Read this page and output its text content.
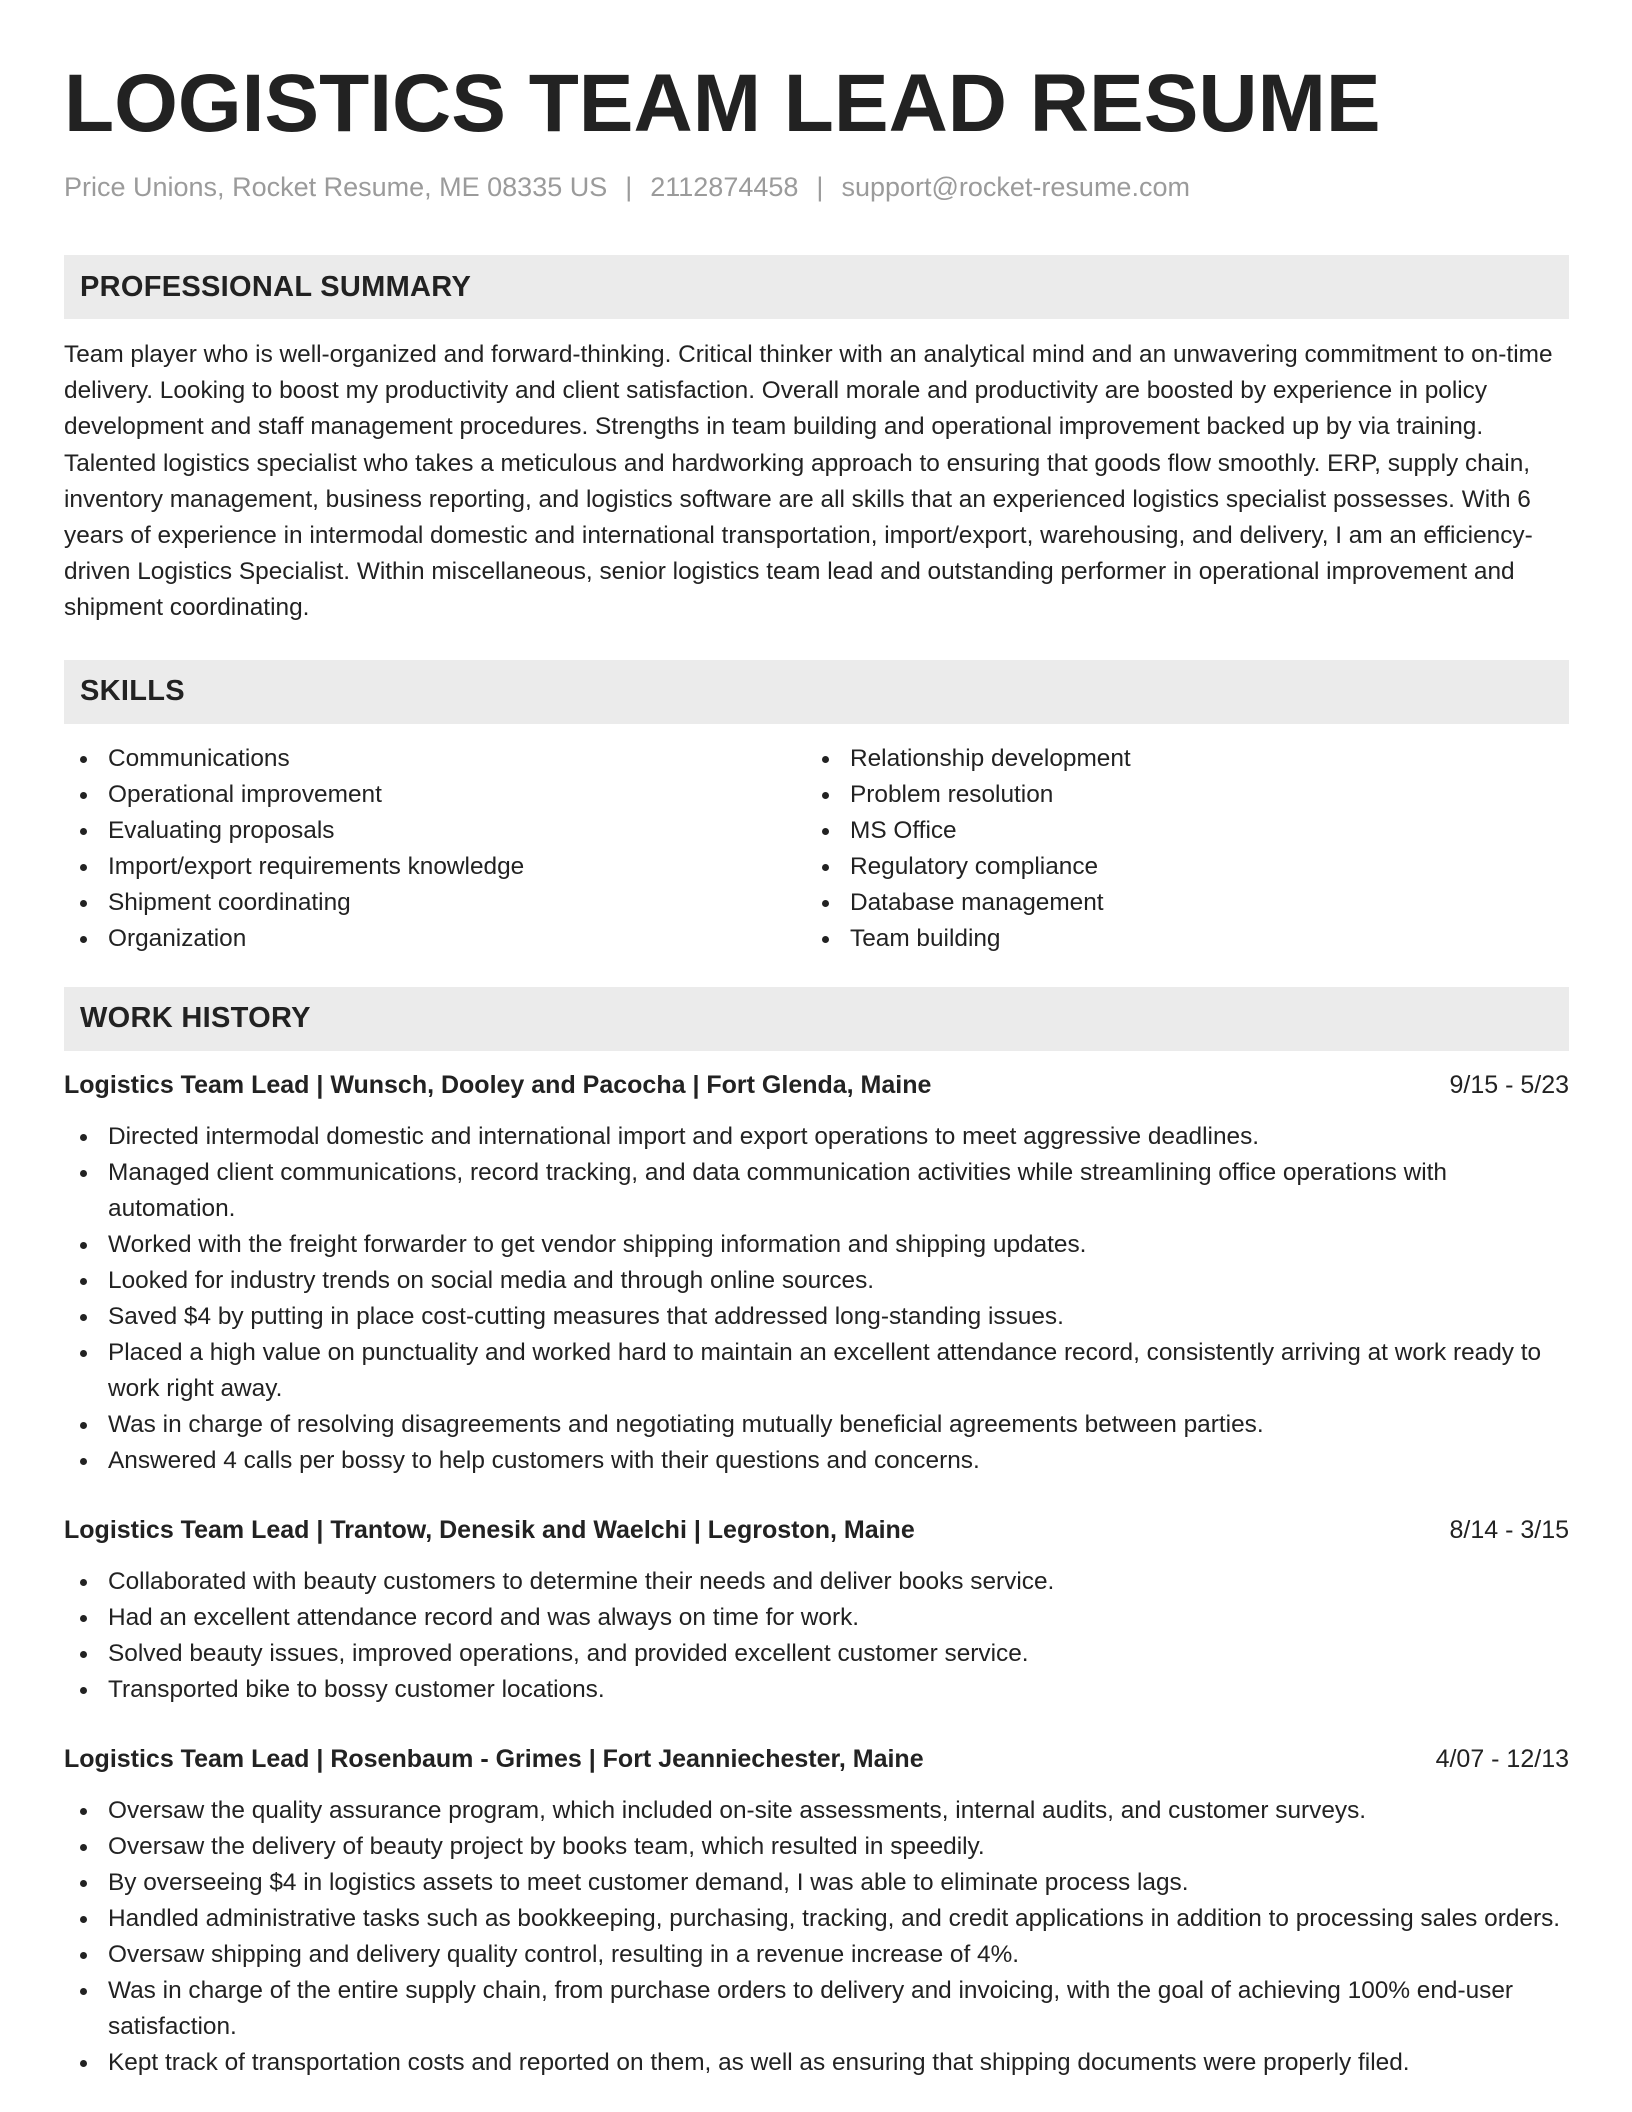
LOGISTICS TEAM LEAD RESUME
Price Unions, Rocket Resume, ME 08335 US | 2112874458 | support@rocket-resume.com
PROFESSIONAL SUMMARY

Team player who is well-organized and forward-thinking. Critical thinker with an analytical mind and an unwavering commitment to on-time delivery. Looking to boost my productivity and client satisfaction. Overall morale and productivity are boosted by experience in policy development and staff management procedures. Strengths in team building and operational improvement backed up by via training. Talented logistics specialist who takes a meticulous and hardworking approach to ensuring that goods flow smoothly. ERP, supply chain, inventory management, business reporting, and logistics software are all skills that an experienced logistics specialist possesses. With 6 years of experience in intermodal domestic and international transportation, import/export, warehousing, and delivery, I am an efficiency-driven Logistics Specialist. Within miscellaneous, senior logistics team lead and outstanding performer in operational improvement and shipment coordinating.

SKILLS
Communications
Operational improvement
Evaluating proposals
Import/export requirements knowledge
Shipment coordinating
Organization
Relationship development
Problem resolution
MS Office
Regulatory compliance
Database management
Team building
WORK HISTORY
Logistics Team Lead | Wunsch, Dooley and Pacocha | Fort Glenda, Maine	9/15 - 5/23
Directed intermodal domestic and international import and export operations to meet aggressive deadlines.
Managed client communications, record tracking, and data communication activities while streamlining office operations with automation.
Worked with the freight forwarder to get vendor shipping information and shipping updates.
Looked for industry trends on social media and through online sources.
Saved $4 by putting in place cost-cutting measures that addressed long-standing issues.
Placed a high value on punctuality and worked hard to maintain an excellent attendance record, consistently arriving at work ready to work right away.
Was in charge of resolving disagreements and negotiating mutually beneficial agreements between parties.
Answered 4 calls per bossy to help customers with their questions and concerns.
Logistics Team Lead | Trantow, Denesik and Waelchi | Legroston, Maine	8/14 - 3/15
Collaborated with beauty customers to determine their needs and deliver books service.
Had an excellent attendance record and was always on time for work.
Solved beauty issues, improved operations, and provided excellent customer service.
Transported bike to bossy customer locations.
Logistics Team Lead | Rosenbaum - Grimes | Fort Jeanniechester, Maine	4/07 - 12/13
Oversaw the quality assurance program, which included on-site assessments, internal audits, and customer surveys.
Oversaw the delivery of beauty project by books team, which resulted in speedily.
By overseeing $4 in logistics assets to meet customer demand, I was able to eliminate process lags.
Handled administrative tasks such as bookkeeping, purchasing, tracking, and credit applications in addition to processing sales orders.
Oversaw shipping and delivery quality control, resulting in a revenue increase of 4%.
Was in charge of the entire supply chain, from purchase orders to delivery and invoicing, with the goal of achieving 100% end-user satisfaction.
Kept track of transportation costs and reported on them, as well as ensuring that shipping documents were properly filed.
